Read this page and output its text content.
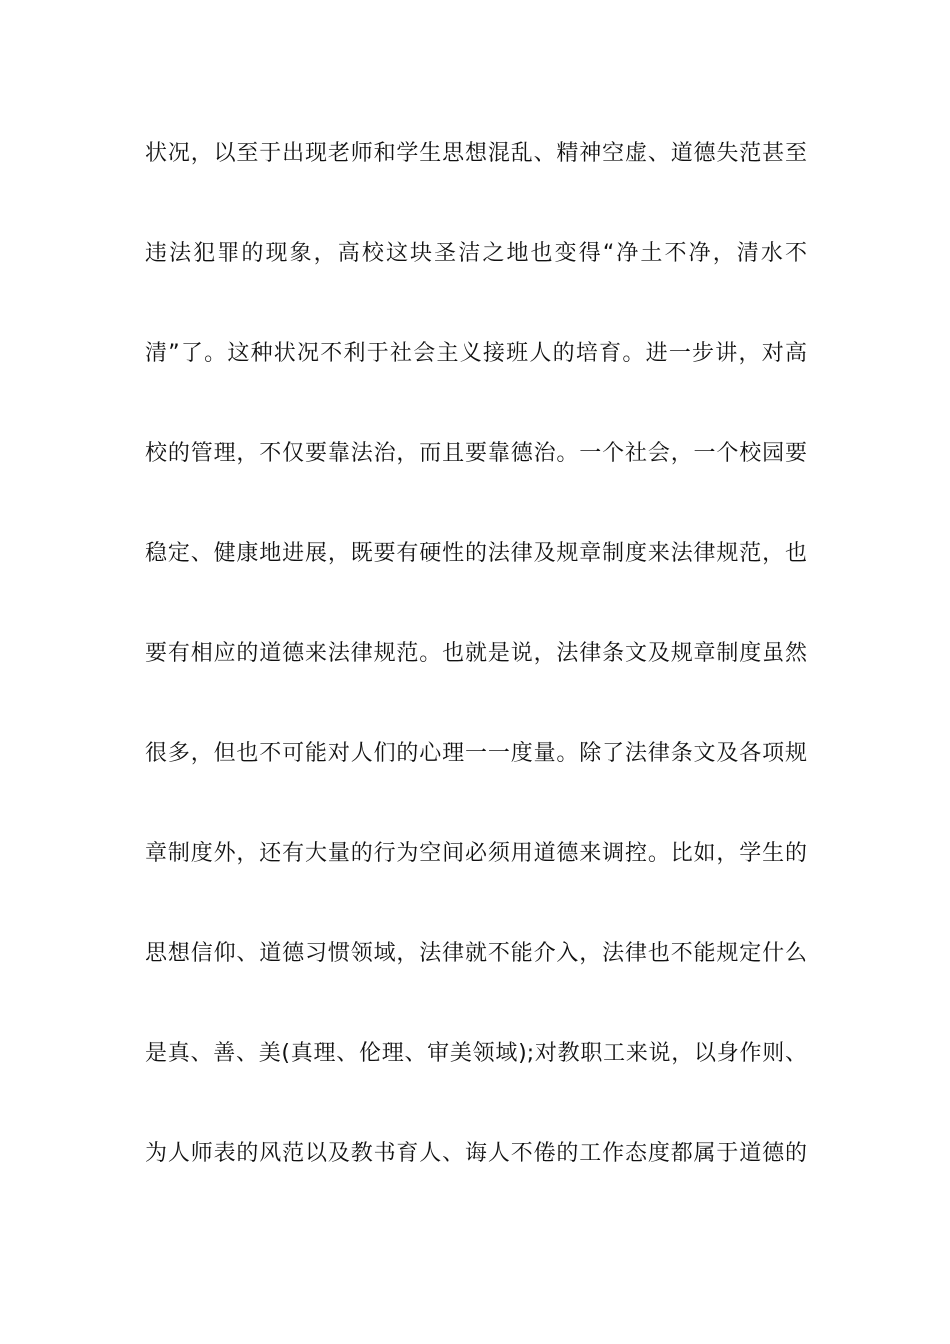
状况，以至于出现老师和学生思想混乱、精神空虚、道德失范甚至
违法犯罪的现象，高校这块圣洁之地也变得“净土不净，清水不
清”了。这种状况不利于社会主义接班人的培育。进一步讲，对高
校的管理，不仅要靠法治，而且要靠德治。一个社会，一个校园要
稳定、健康地进展，既要有硬性的法律及规章制度来法律规范，也
要有相应的道德来法律规范。也就是说，法律条文及规章制度虽然
很多，但也不可能对人们的心理一一度量。除了法律条文及各项规
章制度外，还有大量的行为空间必须用道德来调控。比如，学生的
思想信仰、道德习惯领域，法律就不能介入，法律也不能规定什么
是真、善、美(真理、伦理、审美领域);对教职工来说，以身作则、
为人师表的风范以及教书育人、诲人不倦的工作态度都属于道德的
